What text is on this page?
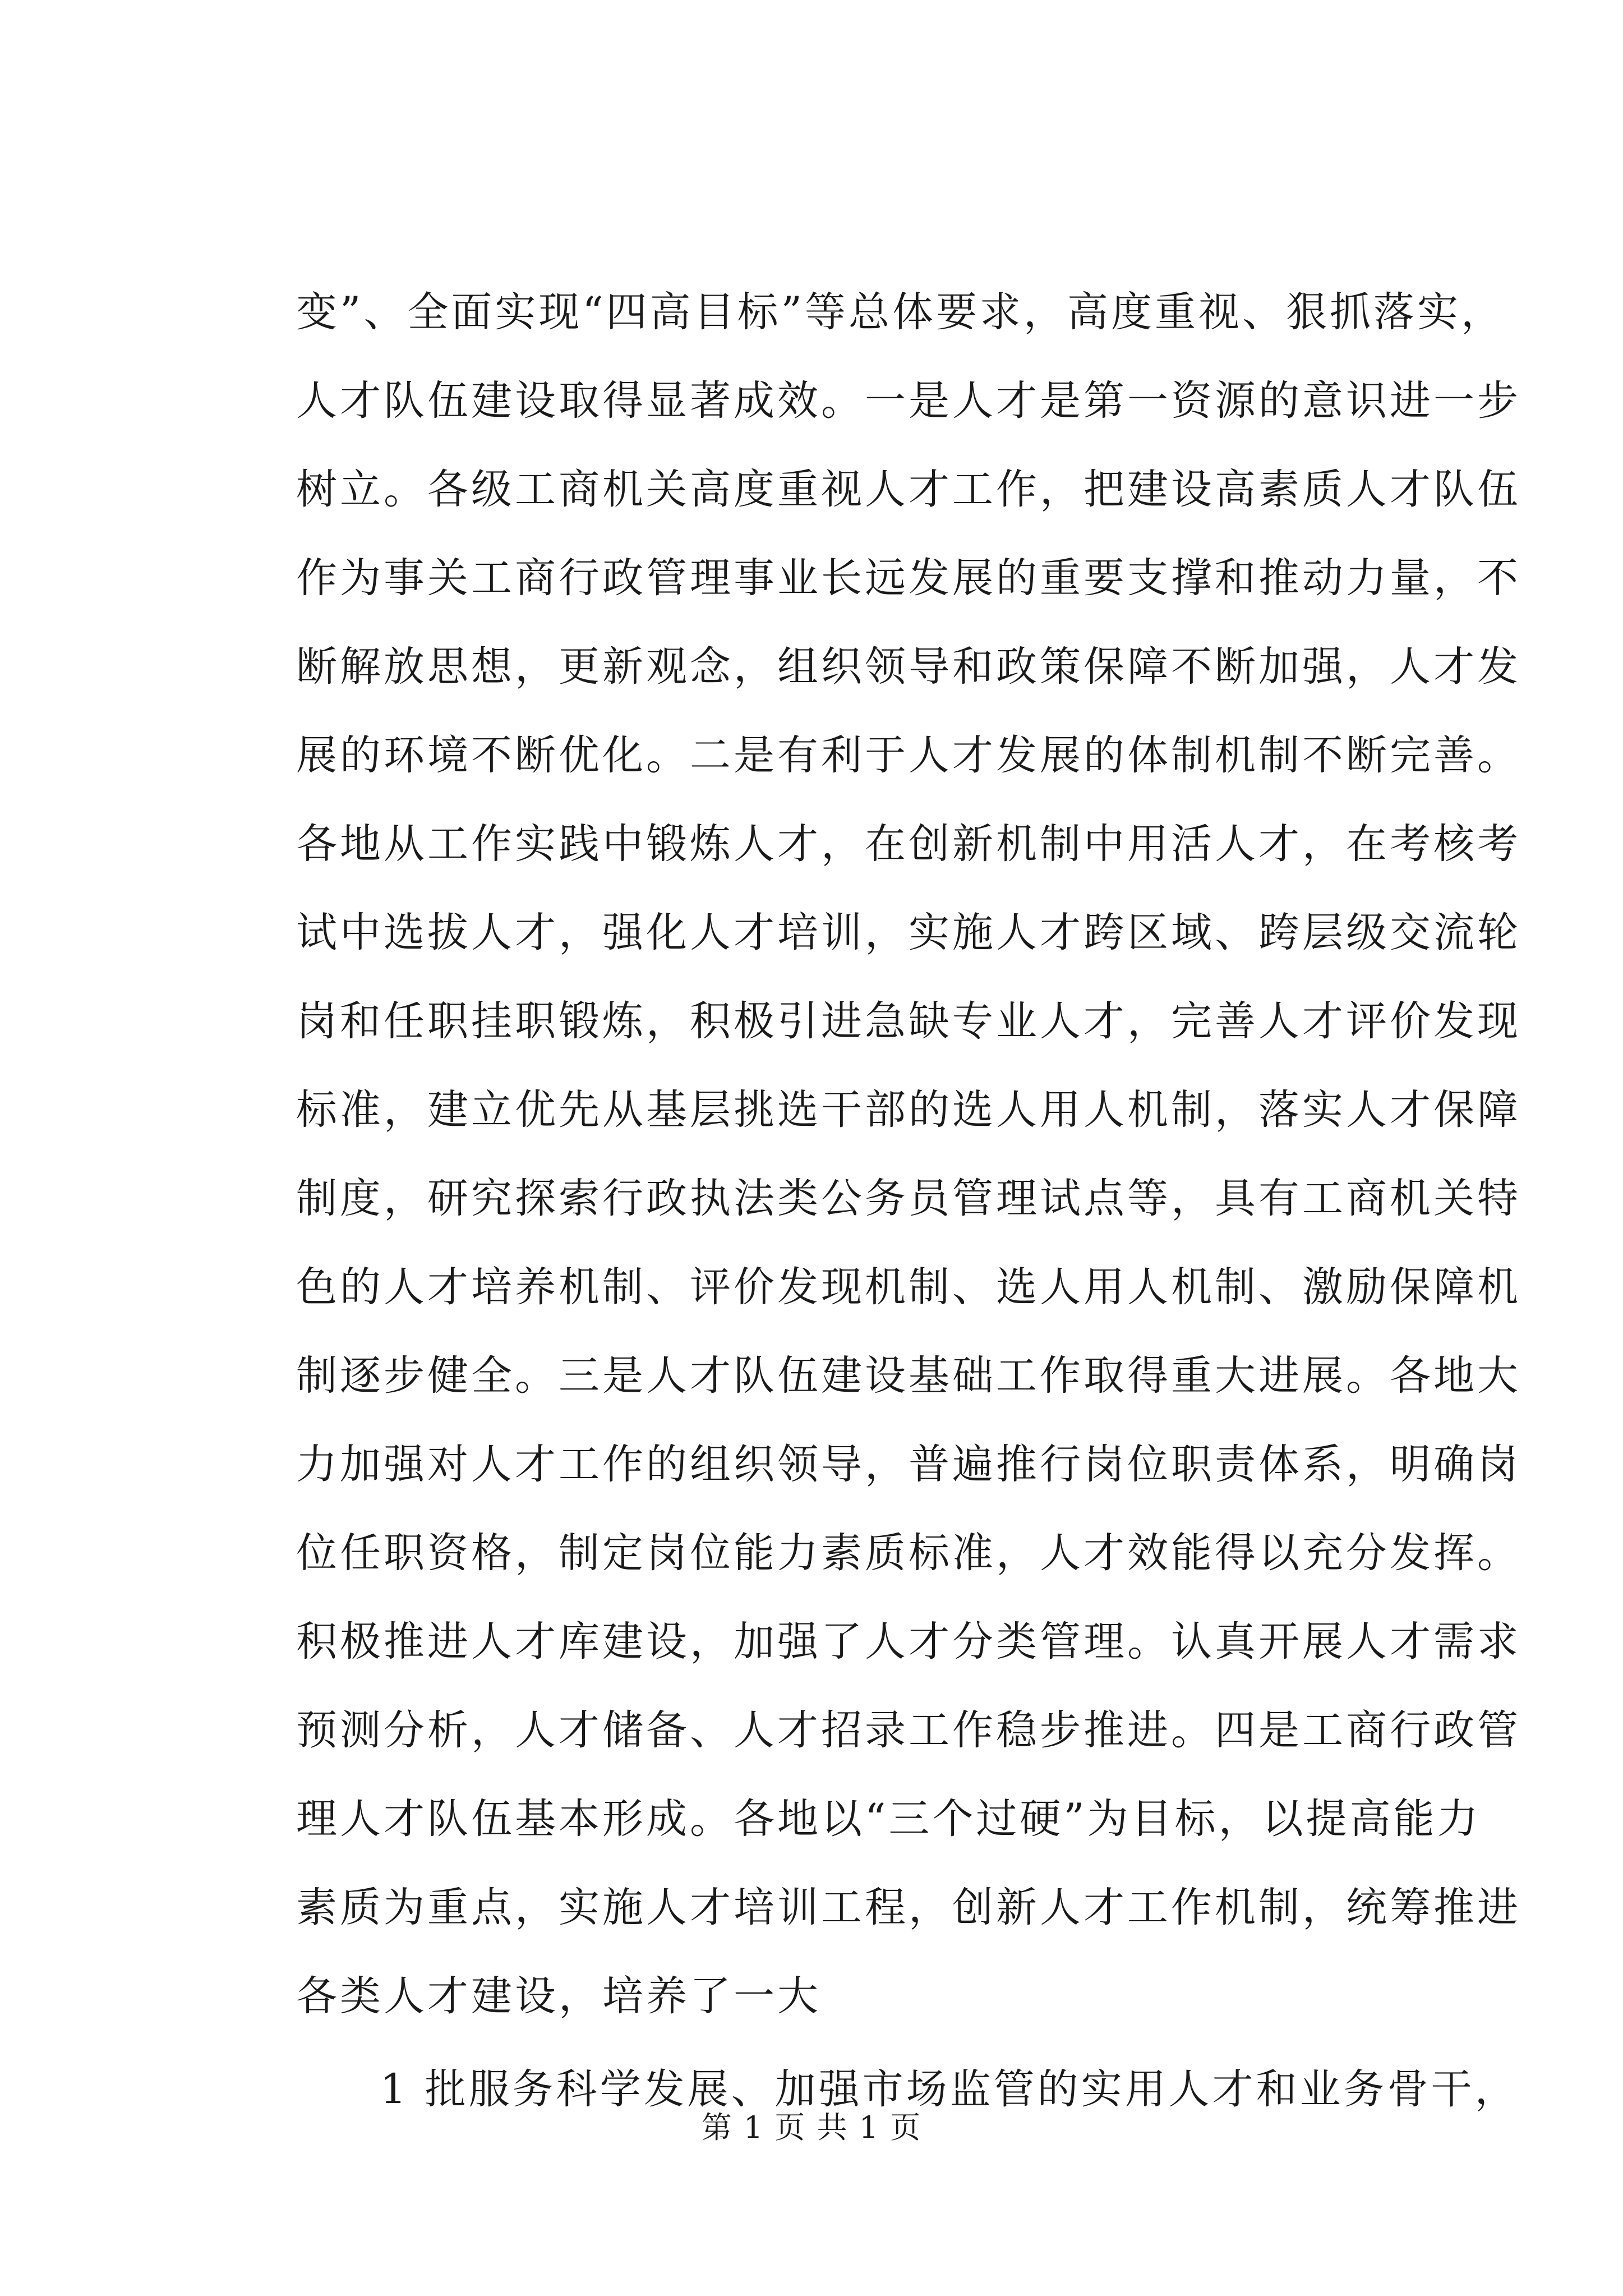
变”、全面实现“四高目标”等总体要求，高度重视、狠抓落实，
人才队伍建设取得显著成效。一是人才是第一资源的意识进一步
树立。各级工商机关高度重视人才工作，把建设高素质人才队伍
作为事关工商行政管理事业长远发展的重要支撑和推动力量，不
断解放思想，更新观念，组织领导和政策保障不断加强，人才发
展的环境不断优化。二是有利于人才发展的体制机制不断完善。
各地从工作实践中锻炼人才，在创新机制中用活人才，在考核考
试中选拔人才，强化人才培训，实施人才跨区域、跨层级交流轮
岗和任职挂职锻炼，积极引进急缺专业人才，完善人才评价发现
标准，建立优先从基层挑选干部的选人用人机制，落实人才保障
制度，研究探索行政执法类公务员管理试点等，具有工商机关特
色的人才培养机制、评价发现机制、选人用人机制、激励保障机
制逐步健全。三是人才队伍建设基础工作取得重大进展。各地大
力加强对人才工作的组织领导，普遍推行岗位职责体系，明确岗
位任职资格，制定岗位能力素质标准，人才效能得以充分发挥。
积极推进人才库建设，加强了人才分类管理。认真开展人才需求
预测分析，人才储备、人才招录工作稳步推进。四是工商行政管
理人才队伍基本形成。各地以“三个过硬”为目标，以提高能力
素质为重点，实施人才培训工程，创新人才工作机制，统筹推进
各类人才建设，培养了一大
1 批服务科学发展、加强市场监管的实用人才和业务骨干，
第 1 页 共 1 页
